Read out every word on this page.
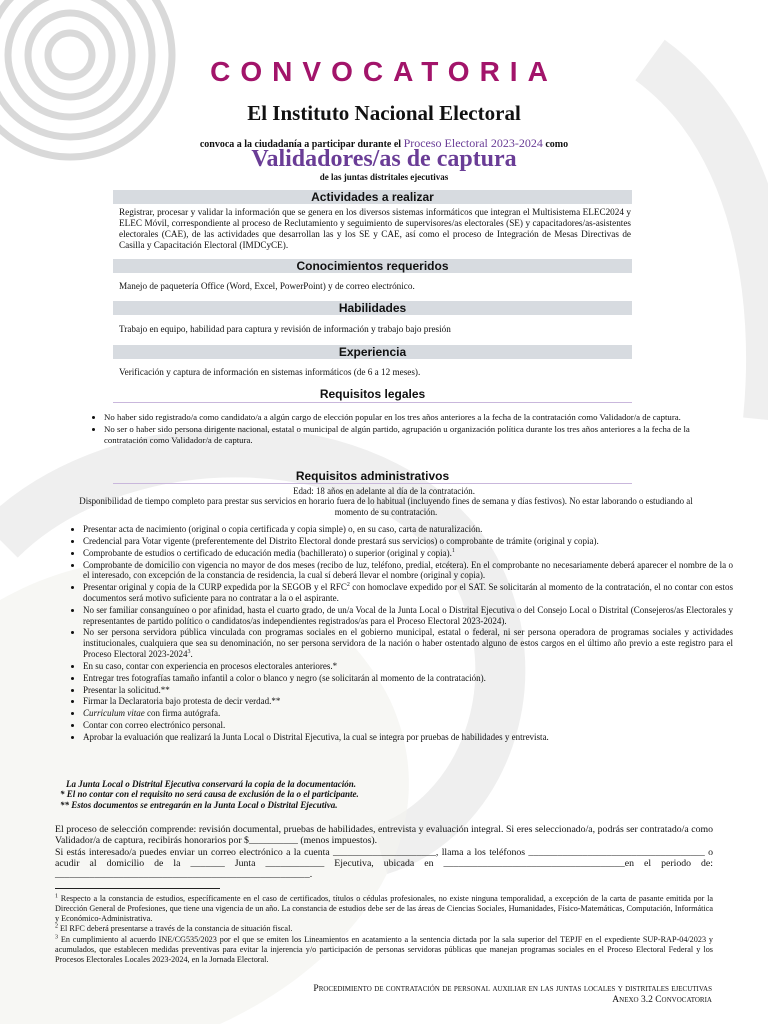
CONVOCATORIA
El Instituto Nacional Electoral
convoca a la ciudadanía a participar durante el Proceso Electoral 2023-2024 como
Validadores/as de captura
de las juntas distritales ejecutivas
Actividades a realizar
Registrar, procesar y validar la información que se genera en los diversos sistemas informáticos que integran el Multisistema ELEC2024 y ELEC Móvil, correspondiente al proceso de Reclutamiento y seguimiento de supervisores/as electorales (SE) y capacitadores/as-asistentes electorales (CAE), de las actividades que desarrollan las y los SE y CAE, así como el proceso de Integración de Mesas Directivas de Casilla y Capacitación Electoral (IMDCyCE).
Conocimientos requeridos
Manejo de paquetería Office (Word, Excel, PowerPoint) y de correo electrónico.
Habilidades
Trabajo en equipo, habilidad para captura y revisión de información y trabajo bajo presión
Experiencia
Verificación y captura de información en sistemas informáticos (de 6 a 12 meses).
Requisitos legales
• No haber sido registrado/a como candidato/a a algún cargo de elección popular en los tres años anteriores a la fecha de la contratación como Validador/a de captura.
• No ser o haber sido persona dirigente nacional, estatal o municipal de algún partido, agrupación u organización política durante los tres años anteriores a la fecha de la contratación como Validador/a de captura.
Requisitos administrativos
Edad: 18 años en adelante al día de la contratación.
Disponibilidad de tiempo completo para prestar sus servicios en horario fuera de lo habitual (incluyendo fines de semana y días festivos). No estar laborando o estudiando al momento de su contratación.
• Presentar acta de nacimiento (original o copia certificada y copia simple) o, en su caso, carta de naturalización.
• Credencial para Votar vigente (preferentemente del Distrito Electoral donde prestará sus servicios) o comprobante de trámite (original y copia).
• Comprobante de estudios o certificado de educación media (bachillerato) o superior (original y copia).$^1$
• Comprobante de domicilio con vigencia no mayor de dos meses (recibo de luz, teléfono, predial, etcétera). En el comprobante no necesariamente deberá aparecer el nombre de la o el interesado, con excepción de la constancia de residencia, la cual sí deberá llevar el nombre (original y copia).
• Presentar original y copia de la CURP expedida por la SEGOB y el RFC$^2$ con homoclave expedido por el SAT. Se solicitarán al momento de la contratación, el no contar con estos documentos será motivo suficiente para no contratar a la o el aspirante.
• No ser familiar consanguíneo o por afinidad, hasta el cuarto grado, de un/a Vocal de la Junta Local o Distrital Ejecutiva o del Consejo Local o Distrital (Consejeros/as Electorales y representantes de partido político o candidatos/as independientes registrados/as para el Proceso Electoral 2023-2024).
• No ser persona servidora pública vinculada con programas sociales en el gobierno municipal, estatal o federal, ni ser persona operadora de programas sociales y actividades institucionales, cualquiera que sea su denominación, no ser persona servidora de la nación o haber ostentado alguno de estos cargos en el último año previo a este registro para el Proceso Electoral 2023-2024$^3$.
• En su caso, contar con experiencia en procesos electorales anteriores.*
• Entregar tres fotografías tamaño infantil a color o blanco y negro (se solicitarán al momento de la contratación).
• Presentar la solicitud.**
• Firmar la Declaratoria bajo protesta de decir verdad.**
• Curriculum vitae con firma autógrafa.
• Contar con correo electrónico personal.
• Aprobar la evaluación que realizará la Junta Local o Distrital Ejecutiva, la cual se integra por pruebas de habilidades y entrevista.
La Junta Local o Distrital Ejecutiva conservará la copia de la documentación.
* El no contar con el requisito no será causa de exclusión de la o el participante.
** Estos documentos se entregarán en la Junta Local o Distrital Ejecutiva.
El proceso de selección comprende: revisión documental, pruebas de habilidades, entrevista y evaluación integral. Si eres seleccionado/a, podrás ser contratado/a como Validador/a de captura, recibirás honorarios por $__________ (menos impuestos).
Si estás interesado/a puedes enviar un correo electrónico a la cuenta _____________________, llama a los teléfonos ____________________________________ o acudir al domicilio de la _______ Junta ____________ Ejecutiva, ubicada en _____________________________________en el periodo de: ____________________________________________________.
$^1$ Respecto a la constancia de estudios, específicamente en el caso de certificados, títulos o cédulas profesionales, no existe ninguna temporalidad, a excepción de la carta de pasante emitida por la Dirección General de Profesiones, que tiene una vigencia de un año. La constancia de estudios debe ser de las áreas de Ciencias Sociales, Humanidades, Físico-Matemáticas, Computación, Informática y Económico-Administrativa.
$^2$ El RFC deberá presentarse a través de la constancia de situación fiscal.
$^3$ En cumplimiento al acuerdo INE/CG535/2023 por el que se emiten los Lineamientos en acatamiento a la sentencia dictada por la sala superior del TEPJF en el expediente SUP-RAP-04/2023 y acumulados, que establecen medidas preventivas para evitar la injerencia y/o participación de personas servidoras públicas que manejan programas sociales en el Proceso Electoral Federal y los Procesos Electorales Locales 2023-2024, en la Jornada Electoral.
Procedimiento de contratación de personal auxiliar en las juntas locales y distritales ejecutivas
Anexo 3.2 Convocatoria
